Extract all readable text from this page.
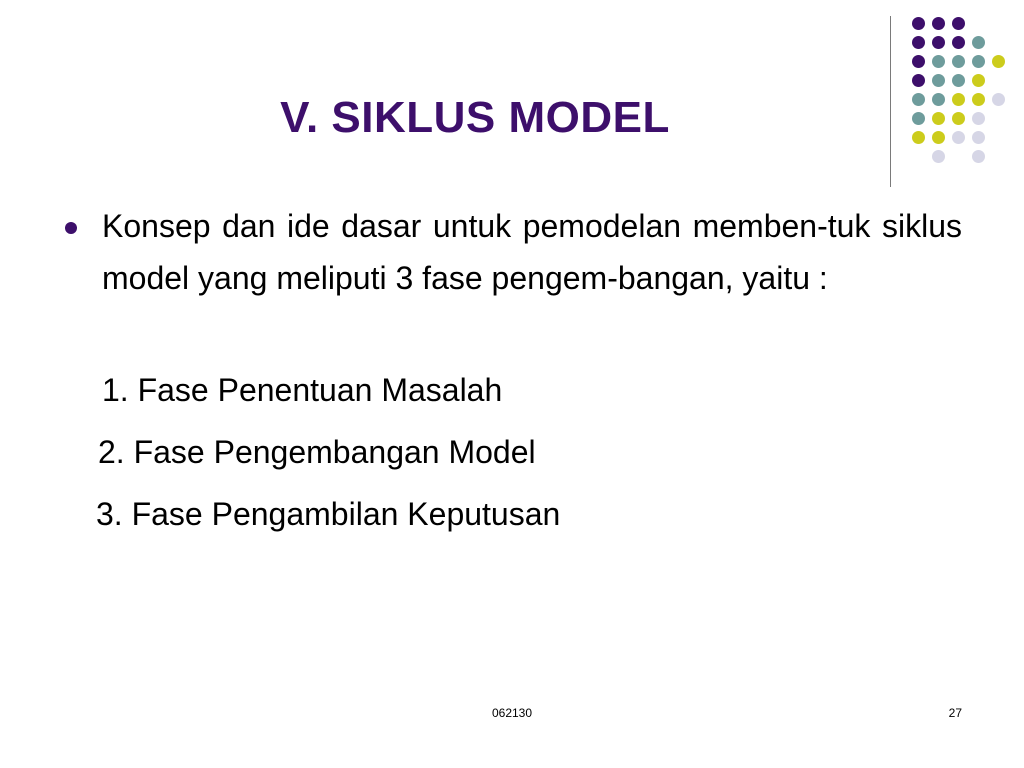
V. SIKLUS MODEL
Konsep dan ide dasar untuk pemodelan memben-tuk siklus model yang meliputi 3 fase pengem-bangan, yaitu :
1. Fase Penentuan Masalah
2. Fase Pengembangan Model
3. Fase Pengambilan Keputusan
062130	27
